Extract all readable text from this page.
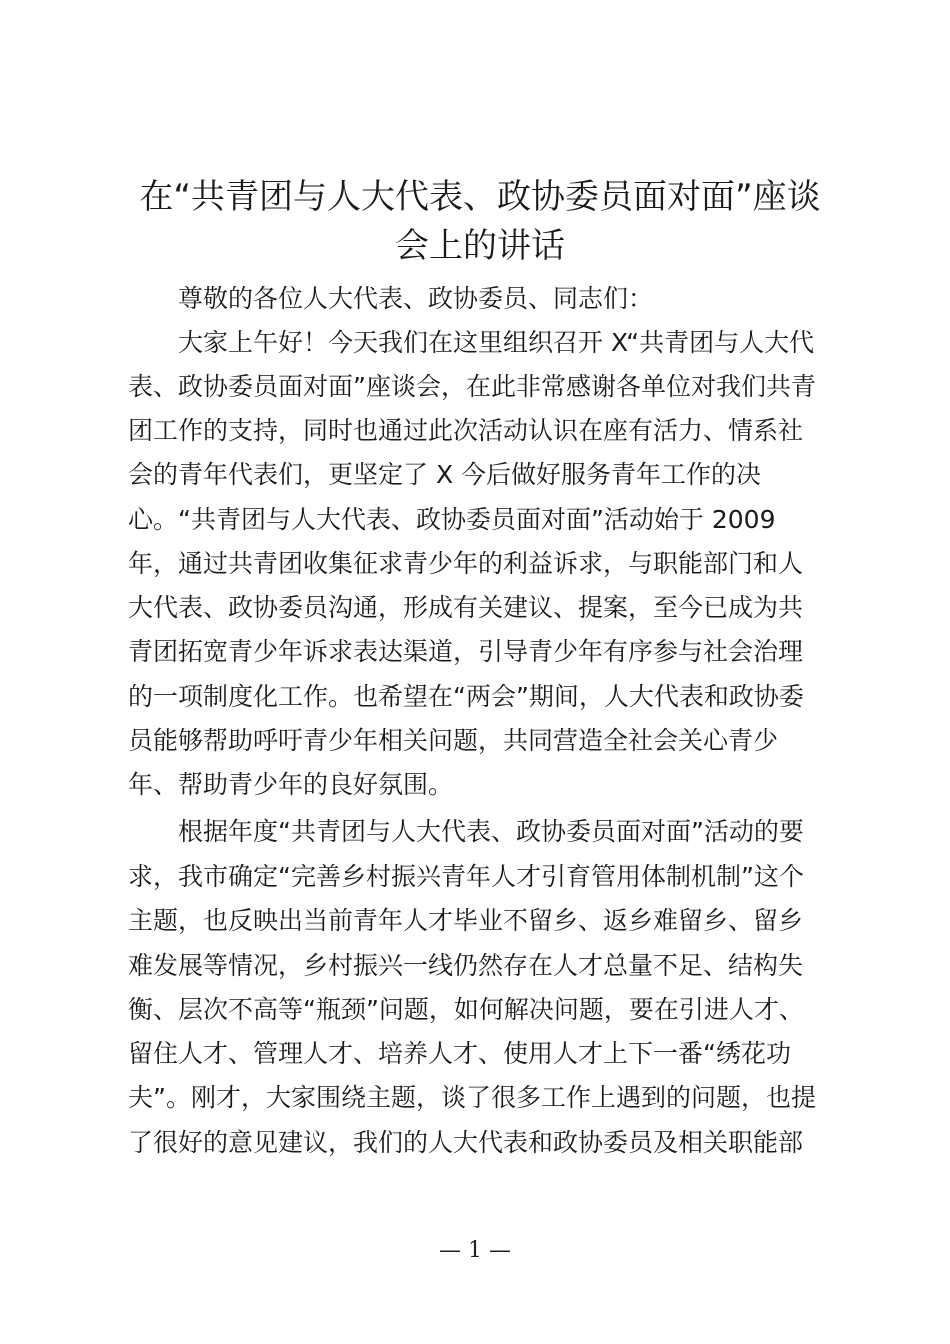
在“共青团与人大代表、政协委员面对面”座谈
会上的讲话
尊敬的各位人大代表、政协委员、同志们：
大家上午好！今天我们在这里组织召开 X“共青团与人大代
表、政协委员面对面”座谈会，在此非常感谢各单位对我们共青
团工作的支持，同时也通过此次活动认识在座有活力、情系社
会的青年代表们，更坚定了 X 今后做好服务青年工作的决
心。“共青团与人大代表、政协委员面对面”活动始于 2009
年，通过共青团收集征求青少年的利益诉求，与职能部门和人
大代表、政协委员沟通，形成有关建议、提案，至今已成为共
青团拓宽青少年诉求表达渠道，引导青少年有序参与社会治理
的一项制度化工作。也希望在“两会”期间，人大代表和政协委
员能够帮助呼吁青少年相关问题，共同营造全社会关心青少
年、帮助青少年的良好氛围。
根据年度“共青团与人大代表、政协委员面对面”活动的要
求，我市确定“完善乡村振兴青年人才引育管用体制机制”这个
主题，也反映出当前青年人才毕业不留乡、返乡难留乡、留乡
难发展等情况，乡村振兴一线仍然存在人才总量不足、结构失
衡、层次不高等“瓶颈”问题，如何解决问题，要在引进人才、
留住人才、管理人才、培养人才、使用人才上下一番“绣花功
夫”。刚才，大家围绕主题，谈了很多工作上遇到的问题，也提
了很好的意见建议，我们的人大代表和政协委员及相关职能部
— 1 —
